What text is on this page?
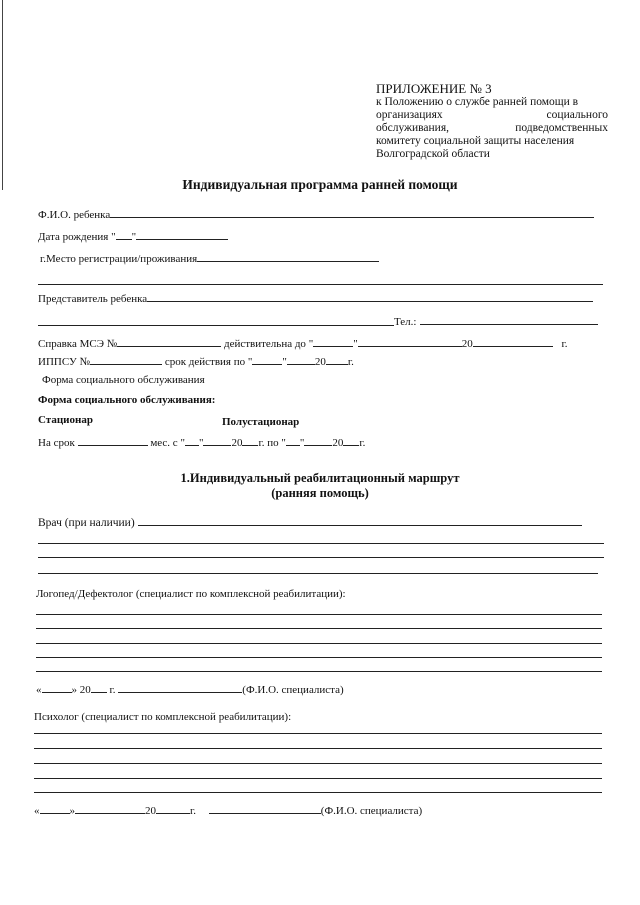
ПРИЛОЖЕНИЕ № 3
к Положению о службе ранней помощи в
организациях социального
обслуживания, подведомственных
комитету социальной защиты населения
Волгоградской области
Индивидуальная программа ранней помощи
Ф.И.О. ребенка
Дата рождения " "
г.Место регистрации/проживания
Представитель ребенка
Тел.:
Справка МСЭ №	действительна до "	"	20	г.
ИППСУ №	срок действия по "	"	20 г.
Форма социального обслуживания
Форма социального обслуживания:
Стационар	Полустационар
На срок	мес. с " "	20 г. по " "	20 г.
1.Индивидуальный реабилитационный маршрут
(ранняя помощь)
Врач (при наличии)
Логопед/Дефектолог (специалист по комплексной реабилитации):
«	» 20 г.	(Ф.И.О. специалиста)
Психолог (специалист по комплексной реабилитации):
«	»	20	г.	(Ф.И.О. специалиста)
